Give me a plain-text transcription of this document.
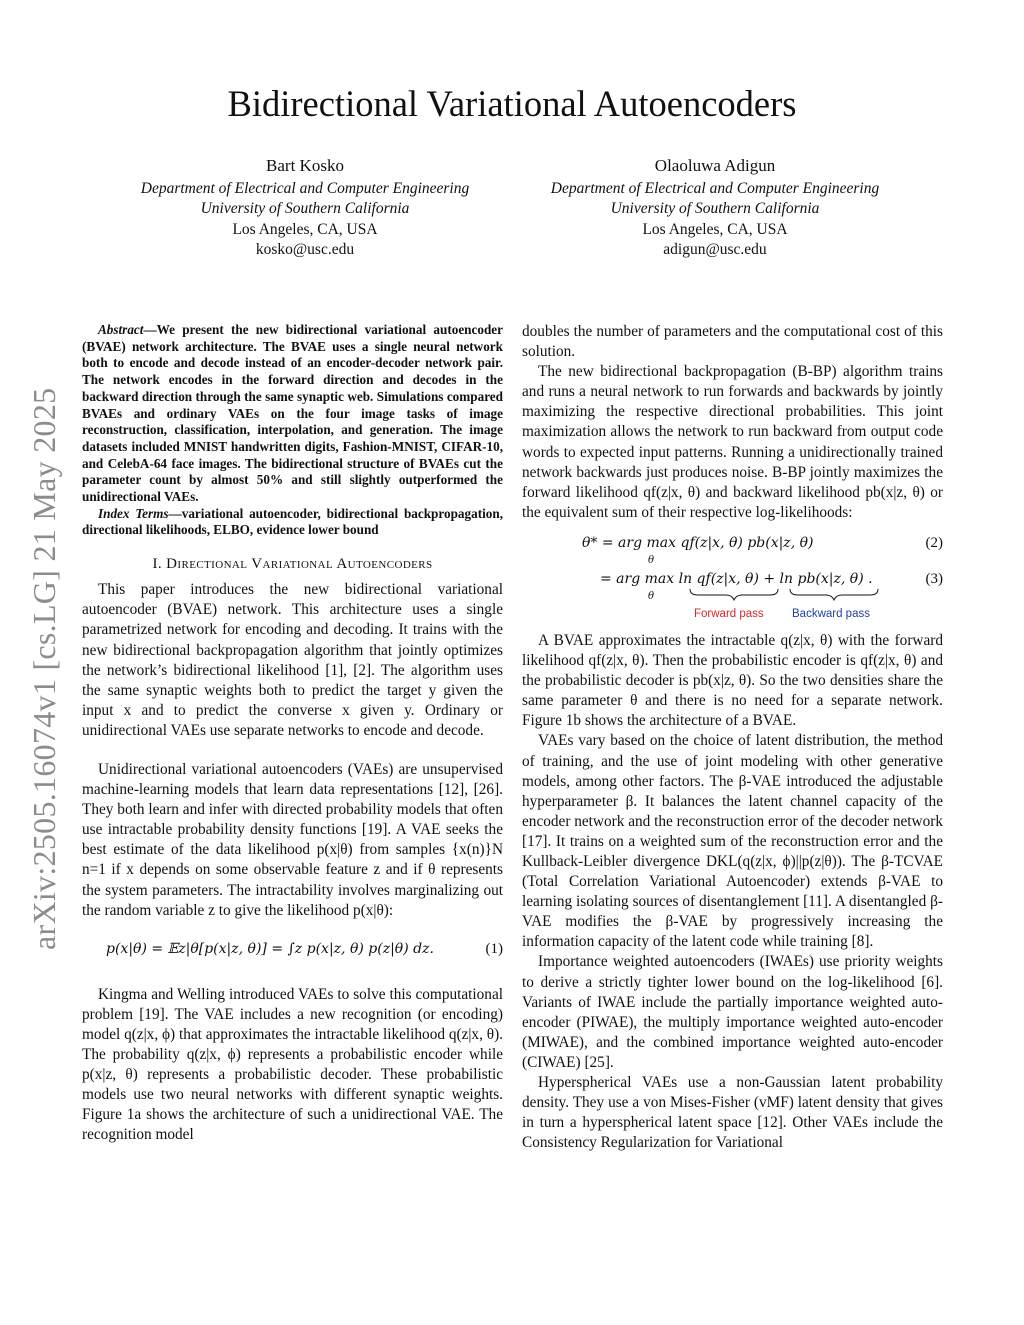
arXiv:2505.16074v1 [cs.LG] 21 May 2025
Bidirectional Variational Autoencoders
Bart Kosko
Department of Electrical and Computer Engineering
University of Southern California
Los Angeles, CA, USA
kosko@usc.edu
Olaoluwa Adigun
Department of Electrical and Computer Engineering
University of Southern California
Los Angeles, CA, USA
adigun@usc.edu

Abstract—We present the new bidirectional variational autoencoder (BVAE) network architecture. The BVAE uses a single neural network both to encode and decode instead of an encoder-decoder network pair. The network encodes in the forward direction and decodes in the backward direction through the same synaptic web. Simulations compared BVAEs and ordinary VAEs on the four image tasks of image reconstruction, classification, interpolation, and generation. The image datasets included MNIST handwritten digits, Fashion-MNIST, CIFAR-10, and CelebA-64 face images. The bidirectional structure of BVAEs cut the parameter count by almost 50% and still slightly outperformed the unidirectional VAEs.

Index Terms—variational autoencoder, bidirectional backpropagation, directional likelihoods, ELBO, evidence lower bound

I. Directional Variational Autoencoders

This paper introduces the new bidirectional variational autoencoder (BVAE) network. This architecture uses a single parametrized network for encoding and decoding. It trains with the new bidirectional backpropagation algorithm that jointly optimizes the network’s bidirectional likelihood [1], [2]. The algorithm uses the same synaptic weights both to predict the target y given the input x and to predict the converse x given y. Ordinary or unidirectional VAEs use separate networks to encode and decode.

Unidirectional variational autoencoders (VAEs) are unsupervised machine-learning models that learn data representations [12], [26]. They both learn and infer with directed probability models that often use intractable probability density functions [19]. A VAE seeks the best estimate of the data likelihood p(x|θ) from samples {x(n)}N n=1 if x depends on some observable feature z and if θ represents the system parameters. The intractability involves marginalizing out the random variable z to give the likelihood p(x|θ):

p(x|θ) = 𝔼z|θ[p(x|z, θ)] = ∫z p(x|z, θ) p(z|θ) dz.	(1)

Kingma and Welling introduced VAEs to solve this computational problem [19]. The VAE includes a new recognition (or encoding) model q(z|x, ϕ) that approximates the intractable likelihood q(z|x, θ). The probability q(z|x, ϕ) represents a probabilistic encoder while p(x|z, θ) represents a probabilistic decoder. These probabilistic models use two neural networks with different synaptic weights. Figure 1a shows the architecture of such a unidirectional VAE. The recognition model

doubles the number of parameters and the computational cost of this solution.

The new bidirectional backpropagation (B-BP) algorithm trains and runs a neural network to run forwards and backwards by jointly maximizing the respective directional probabilities. This joint maximization allows the network to run backward from output code words to expected input patterns. Running a unidirectionally trained network backwards just produces noise. B-BP jointly maximizes the forward likelihood qf(z|x, θ) and backward likelihood pb(x|z, θ) or the equivalent sum of their respective log-likelihoods:

θ* = arg max qf(z|x, θ) pb(x|z, θ)
θ
(2)
= arg max ln qf(z|x, θ) + ln pb(x|z, θ) .
θ
(3)
Forward pass Backward pass

A BVAE approximates the intractable q(z|x, θ) with the forward likelihood qf(z|x, θ). Then the probabilistic encoder is qf(z|x, θ) and the probabilistic decoder is pb(x|z, θ). So the two densities share the same parameter θ and there is no need for a separate network. Figure 1b shows the architecture of a BVAE.

VAEs vary based on the choice of latent distribution, the method of training, and the use of joint modeling with other generative models, among other factors. The β-VAE introduced the adjustable hyperparameter β. It balances the latent channel capacity of the encoder network and the reconstruction error of the decoder network [17]. It trains on a weighted sum of the reconstruction error and the Kullback-Leibler divergence DKL(q(z|x, ϕ)||p(z|θ)). The β-TCVAE (Total Correlation Variational Autoencoder) extends β-VAE to learning isolating sources of disentanglement [11]. A disentangled β-VAE modifies the β-VAE by progressively increasing the information capacity of the latent code while training [8].

Importance weighted autoencoders (IWAEs) use priority weights to derive a strictly tighter lower bound on the log-likelihood [6]. Variants of IWAE include the partially importance weighted auto-encoder (PIWAE), the multiply importance weighted auto-encoder (MIWAE), and the combined importance weighted auto-encoder (CIWAE) [25].

Hyperspherical VAEs use a non-Gaussian latent probability density. They use a von Mises-Fisher (vMF) latent density that gives in turn a hyperspherical latent space [12]. Other VAEs include the Consistency Regularization for Variational
